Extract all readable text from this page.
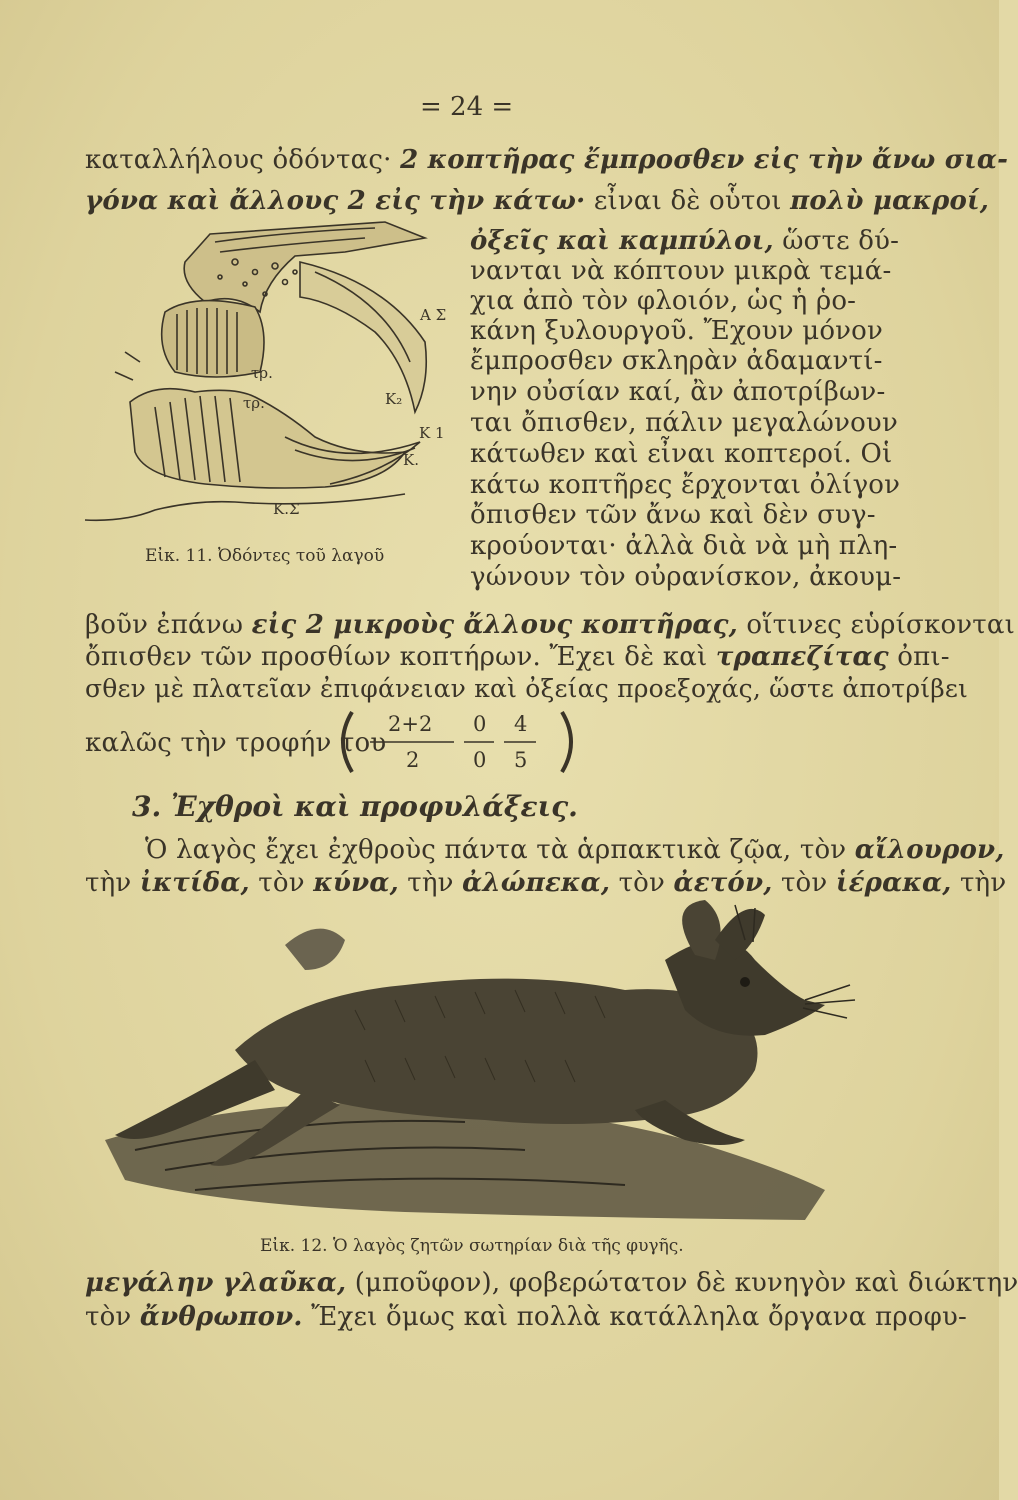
= 24 =
καταλλήλους ὀδόντας· 2 κοπτῆρας ἔμπροσθεν εἰς τὴν ἄνω σια-
γόνα καὶ ἄλλους 2 εἰς τὴν κάτω· εἶναι δὲ οὗτοι πολὺ μακροί,
ὀξεῖς καὶ καμπύλοι, ὥστε δύ-
νανται νὰ κόπτουν μικρὰ τεμά-
χια ἀπὸ τὸν φλοιόν, ὡς ἡ ῥο-
κάνη ξυλουργοῦ. Ἔχουν μόνον
ἔμπροσθεν σκληρὰν ἀδαμαντί-
νην οὐσίαν καί, ἂν ἀποτρίβων-
ται ὄπισθεν, πάλιν μεγαλώνουν
κάτωθεν καὶ εἶναι κοπτεροί. Οἱ
κάτω κοπτῆρες ἔρχονται ὀλίγον
ὄπισθεν τῶν ἄνω καὶ δὲν συγ-
κρούονται· ἀλλὰ διὰ νὰ μὴ πλη-
γώνουν τὸν οὐρανίσκον, ἀκουμ-
βοῦν ἐπάνω εἰς 2 μικροὺς ἄλλους κοπτῆρας, οἵτινες εὑρίσκονται
ὄπισθεν τῶν προσθίων κοπτήρων. Ἔχει δὲ καὶ τραπεζίτας ὀπι-
σθεν μὲ πλατεῖαν ἐπιφάνειαν καὶ ὀξείας προεξοχάς, ὥστε ἀποτρίβει
καλῶς τὴν τροφήν του
2+2
2
0
0
4
5
3. Ἐχθροὶ καὶ προφυλάξεις.
Ὁ λαγὸς ἔχει ἐχθροὺς πάντα τὰ ἁρπακτικὰ ζῷα, τὸν αἴλουρον,
τὴν ἰκτίδα, τὸν κύνα, τὴν ἀλώπεκα, τὸν ἀετόν, τὸν ἱέρακα, τὴν
Α Σ
τρ.
τρ.	Κ₂
Κ 1
Κ.
Κ.Σ
Εἰκ. 11. Ὀδόντες τοῦ λαγοῦ
Εἰκ. 12. Ὁ λαγὸς ζητῶν σωτηρίαν διὰ τῆς φυγῆς.
μεγάλην γλαῦκα, (μποῦφον), φοβερώτατον δὲ κυνηγὸν καὶ διώκτην
τὸν ἄνθρωπον. Ἔχει ὅμως καὶ πολλὰ κατάλληλα ὄργανα προφυ-
